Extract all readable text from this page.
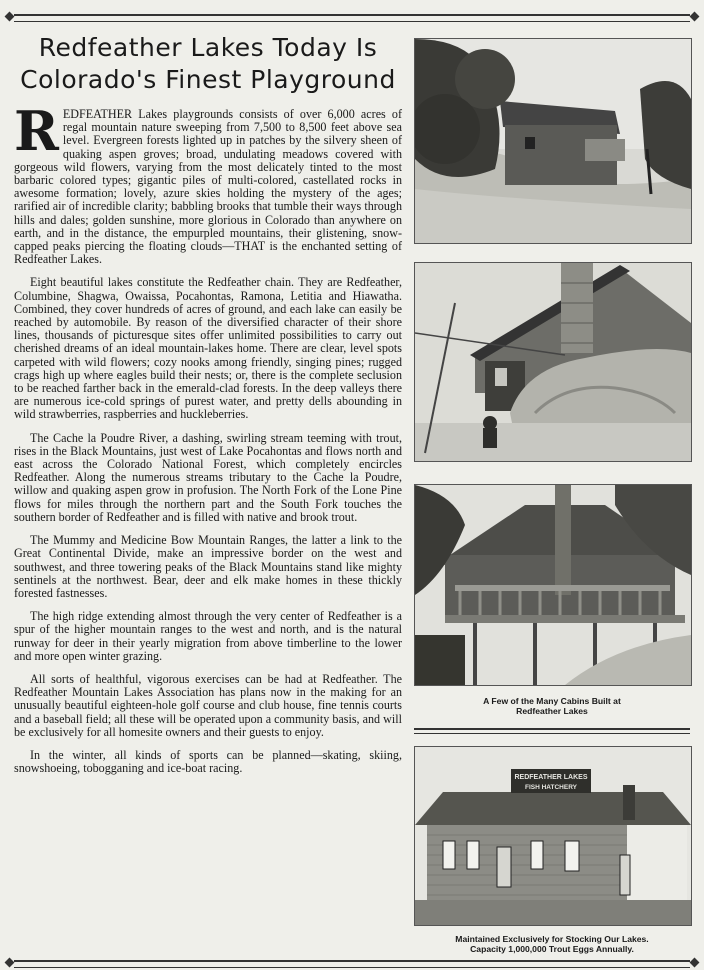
Redfeather Lakes Today Is
Colorado's Finest Playground

REDFEATHER Lakes playgrounds consists of over 6,000 acres of regal mountain nature sweeping from 7,500 to 8,500 feet above sea level. Evergreen forests lighted up in patches by the silvery sheen of quaking aspen groves; broad, undulating meadows covered with gorgeous wild flowers, varying from the most delicately tinted to the most barbaric colored types; gigantic piles of multi-colored, castellated rocks in awesome formation; lovely, azure skies holding the mystery of the ages; rarified air of incredible clarity; babbling brooks that tumble their ways through hills and dales; golden sunshine, more glorious in Colorado than anywhere on earth, and in the distance, the empurpled mountains, their glistening, snow-capped peaks piercing the floating clouds—THAT is the enchanted setting of Redfeather Lakes.

Eight beautiful lakes constitute the Redfeather chain. They are Redfeather, Columbine, Shagwa, Owaissa, Pocahontas, Ramona, Letitia and Hiawatha. Combined, they cover hundreds of acres of ground, and each lake can easily be reached by automobile. By reason of the diversified character of their shore lines, thousands of picturesque sites offer unlimited possibilities to carry out cherished dreams of an ideal mountain-lakes home. There are clear, level spots carpeted with wild flowers; cozy nooks among friendly, singing pines; rugged crags high up where eagles build their nests; or, there is the complete seclusion to be reached farther back in the emerald-clad forests. In the deep valleys there are numerous ice-cold springs of purest water, and pretty dells abounding in wild strawberries, raspberries and huckleberries.

The Cache la Poudre River, a dashing, swirling stream teeming with trout, rises in the Black Mountains, just west of Lake Pocahontas and flows north and east across the Colorado National Forest, which completely encircles Redfeather. Along the numerous streams tributary to the Cache la Poudre, willow and quaking aspen grow in profusion. The North Fork of the Lone Pine flows for miles through the northern part and the South Fork touches the southern border of Redfeather and is filled with native and brook trout.

The Mummy and Medicine Bow Mountain Ranges, the latter a link to the Great Continental Divide, make an impressive border on the west and southwest, and three towering peaks of the Black Mountains stand like mighty sentinels at the northwest. Bear, deer and elk make homes in these thickly forested fastnesses.

The high ridge extending almost through the very center of Redfeather is a spur of the higher mountain ranges to the west and north, and is the natural runway for deer in their yearly migration from above timberline to the lower and more open winter grazing.

All sorts of healthful, vigorous exercises can be had at Redfeather. The Redfeather Mountain Lakes Association has plans now in the making for an unusually beautiful eighteen-hole golf course and club house, fine tennis courts and a baseball field; all these will be operated upon a community basis, and will be exclusively for all homesite owners and their guests to enjoy.

In the winter, all kinds of sports can be planned—skating, skiing, snowshoeing, tobogganing and ice-boat racing.

A Few of the Many Cabins Built at
Redfeather Lakes
REDFEATHER LAKES
FISH HATCHERY
Maintained Exclusively for Stocking Our Lakes.
Capacity 1,000,000 Trout Eggs Annually.
